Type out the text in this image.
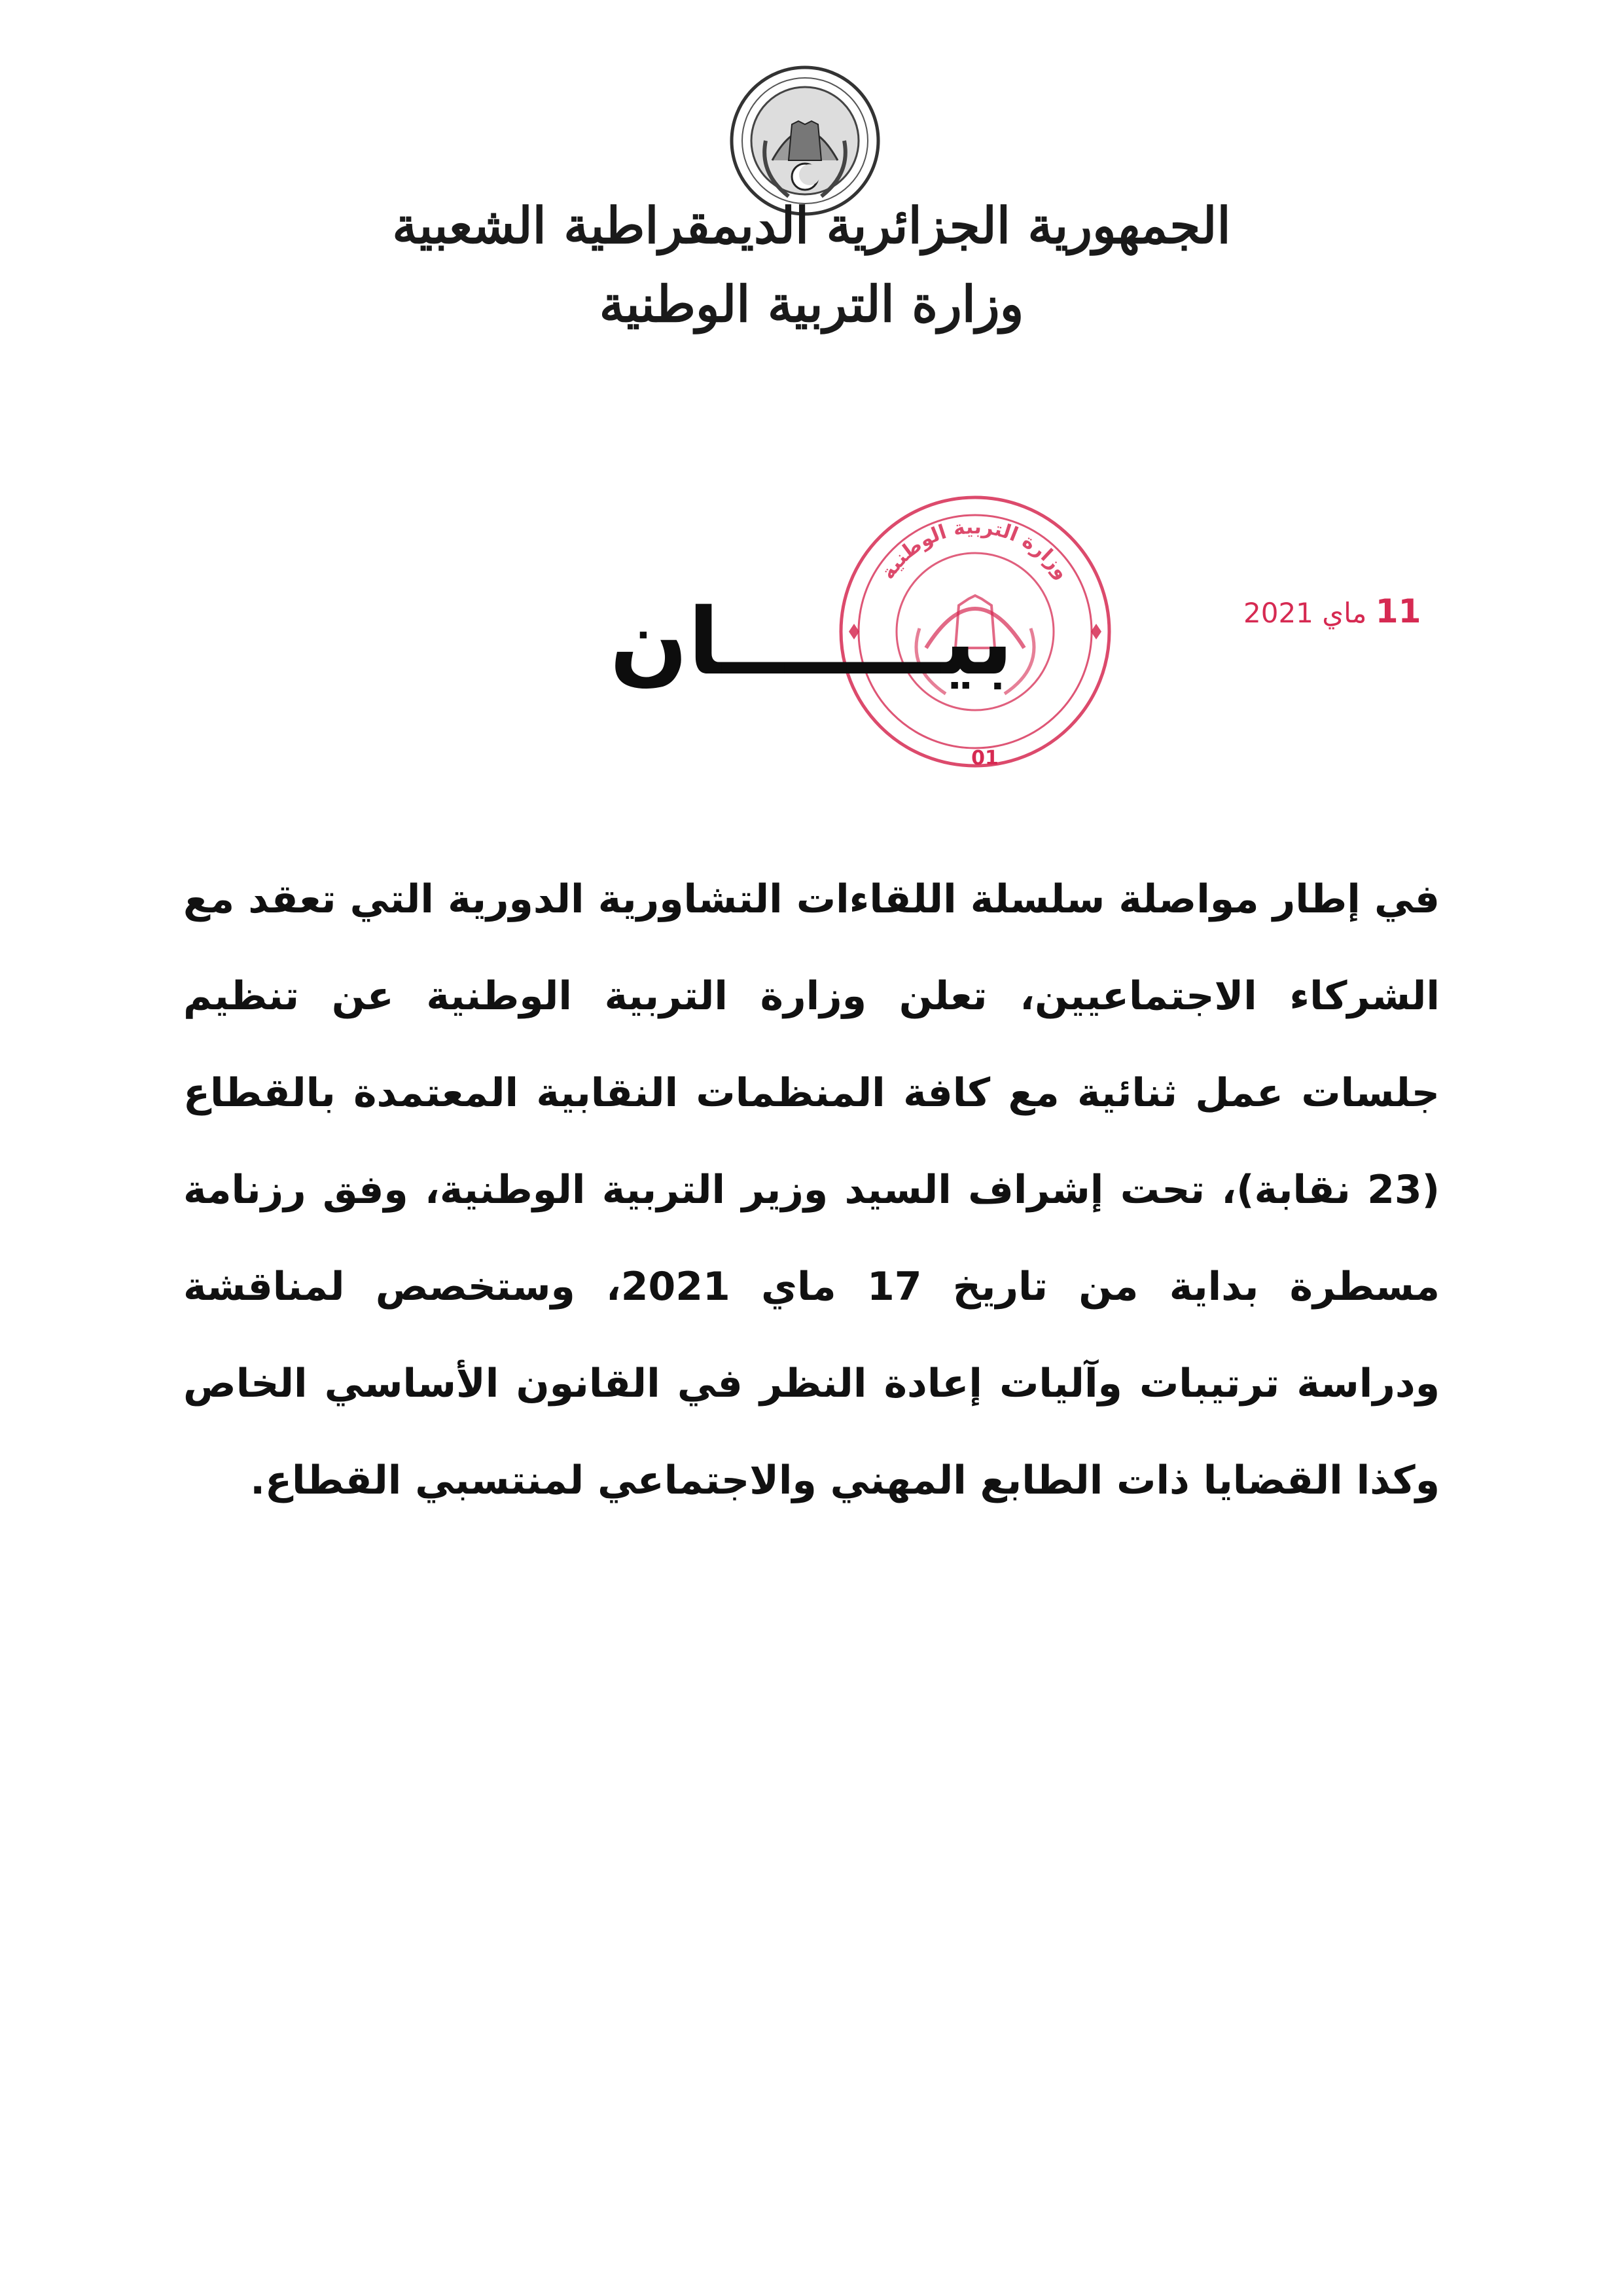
الجمهورية الجزائرية الديمقراطية الشعبية
وزارة التربية الوطنية
وزارة التربية الوطنية
01
11 ماي 2021
بيـــــــان
في إطار مواصلة سلسلة اللقاءات التشاورية الدورية التي تعقد مع الشركاء الاجتماعيين، تعلن وزارة التربية الوطنية عن تنظيم جلسات عمل ثنائية مع كافة المنظمات النقابية المعتمدة بالقطاع (23 نقابة)، تحت إشراف السيد وزير التربية الوطنية، وفق رزنامة مسطرة بداية من تاريخ 17 ماي 2021، وستخصص لمناقشة ودراسة ترتيبات وآليات إعادة النظر في القانون الأساسي الخاص وكذا القضايا ذات الطابع المهني والاجتماعي لمنتسبي القطاع.
